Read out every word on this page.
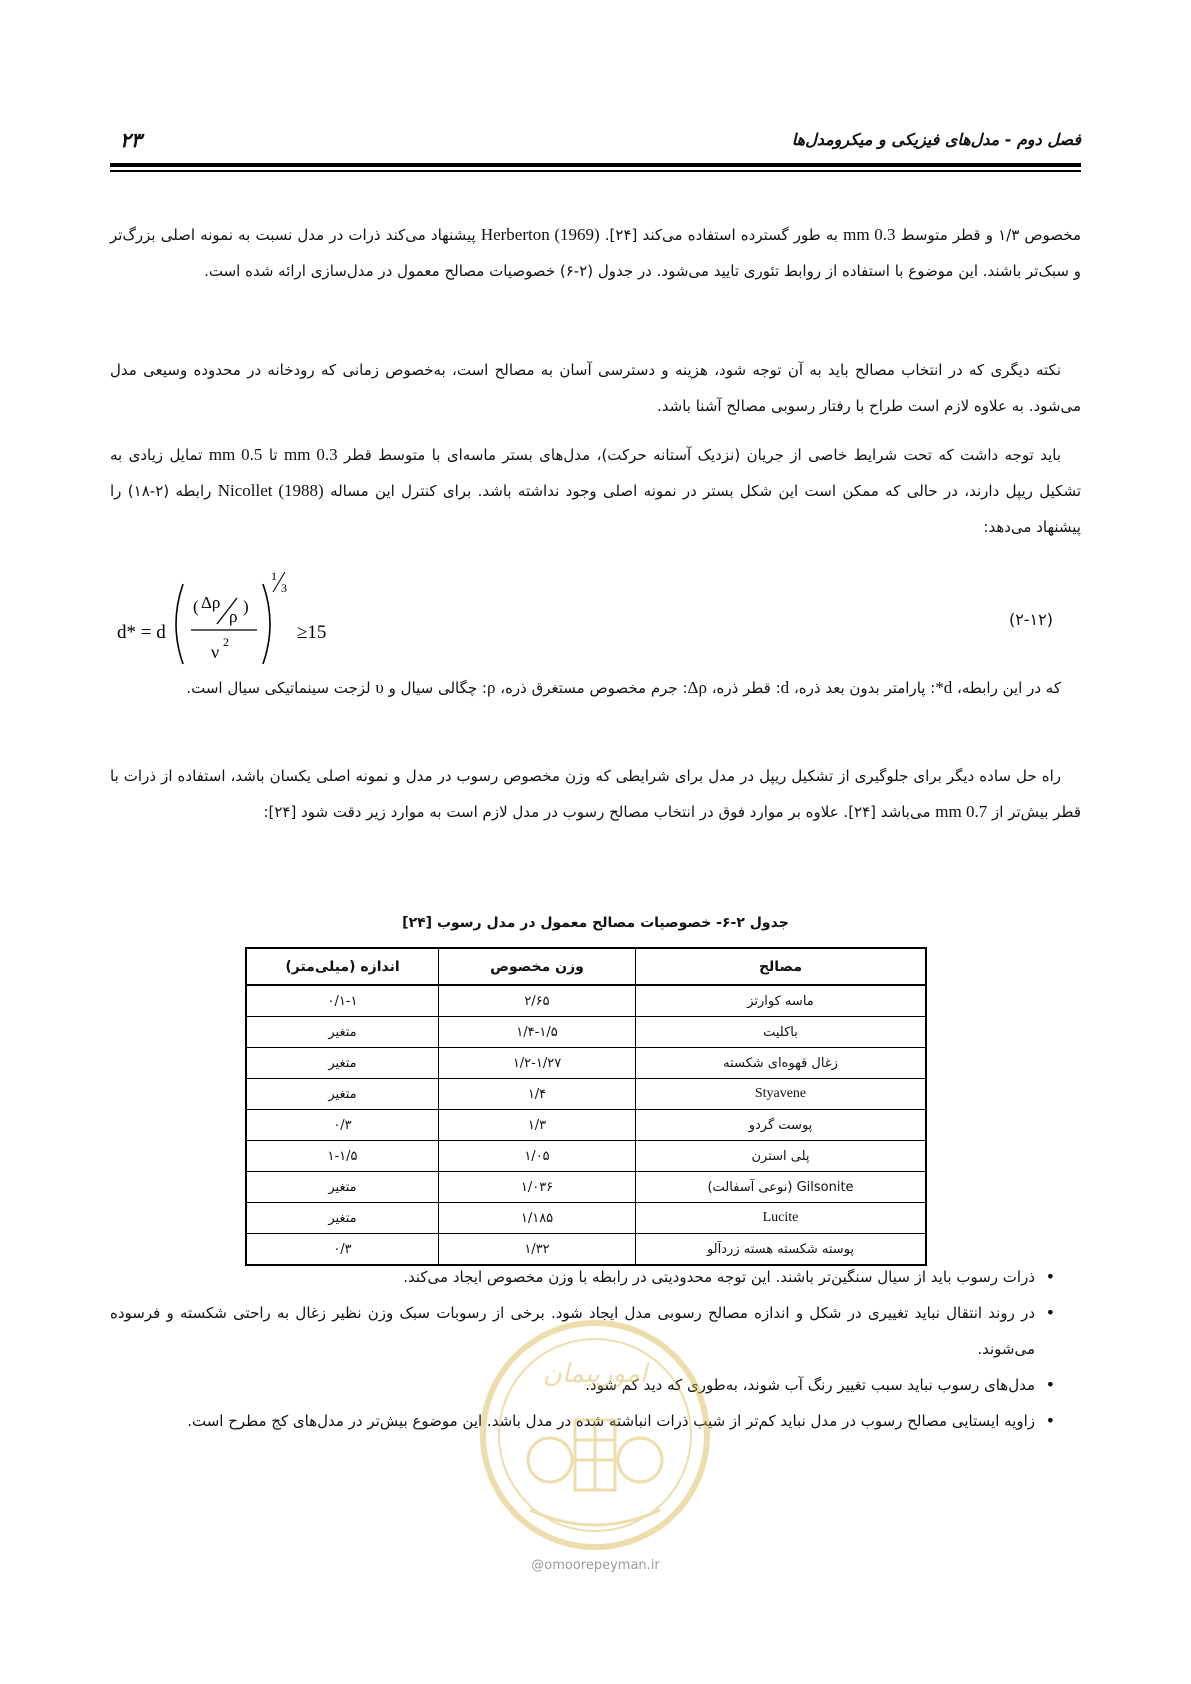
فصل دوم - مدل‌های فیزیکی و میکرومدل‌ها
۲۳

مخصوص ۱/۳ و قطر متوسط 0.3 mm به طور گسترده استفاده می‌کند [۲۴]. Herberton (1969) پیشنهاد می‌کند ذرات در مدل نسبت به نمونه اصلی بزرگ‌تر و سبک‌تر باشند. این موضوع با استفاده از روابط تئوری تایید می‌شود. در جدول (۲-۶) خصوصیات مصالح معمول در مدل‌سازی ارائه شده است.

نکته دیگری که در انتخاب مصالح باید به آن توجه شود، هزینه و دسترسی آسان به مصالح است، به‌خصوص زمانی که رودخانه در محدوده وسیعی مدل می‌شود. به علاوه لازم است طراح با رفتار رسوبی مصالح آشنا باشد.

باید توجه داشت که تحت شرایط خاصی از جریان (نزدیک آستانه حرکت)، مدل‌های بستر ماسه‌ای با متوسط قطر 0.3 mm تا 0.5 mm تمایل زیادی به تشکیل ریپل دارند، در حالی که ممکن است این شکل بستر در نمونه اصلی وجود نداشته باشد. برای کنترل این مساله Nicollet (1988) رابطه (۲-۱۸) را پیشنهاد می‌دهد:

d* = d
( Δρ
ρ
)
ν 2
1
3
≥15
(۲-۱۲)

که در این رابطه، d*: پارامتر بدون بعد ذره، d: قطر ذره، Δρ: جرم مخصوص مستغرق ذره، ρ: چگالی سیال و υ لزجت سینماتیکی سیال است.

راه حل ساده دیگر برای جلوگیری از تشکیل ریپل در مدل برای شرایطی که وزن مخصوص رسوب در مدل و نمونه اصلی یکسان باشد، استفاده از ذرات با قطر بیش‌تر از 0.7 mm می‌باشد [۲۴]. علاوه بر موارد فوق در انتخاب مصالح رسوب در مدل لازم است به موارد زیر دقت شود [۲۴]:

جدول ۲-۶- خصوصیات مصالح معمول در مدل رسوب [۲۴]
مصالح	وزن مخصوص	اندازه (میلی‌متر)
ماسه کوارتز	۲/۶۵	۰/۱-۱
باکلیت	۱/۴-۱/۵	متغیر
زغال قهوه‌ای شکسته	۱/۲-۱/۲۷	متغیر
Styavene	۱/۴	متغیر
پوست گردو	۱/۳	۰/۳
پلی استرن	۱/۰۵	۱-۱/۵
Gilsonite (نوعی آسفالت)	۱/۰۳۶	متغیر
Lucite	۱/۱۸۵	متغیر
پوسته شکسته هسته زردآلو	۱/۳۲	۰/۳
• ذرات رسوب باید از سیال سنگین‌تر باشند. این توجه محدودیتی در رابطه با وزن مخصوص ایجاد می‌کند.
• در روند انتقال نباید تغییری در شکل و اندازه مصالح رسوبی مدل ایجاد شود. برخی از رسوبات سبک وزن نظیر زغال به راحتی شکسته و فرسوده می‌شوند.
• مدل‌های رسوب نباید سبب تغییر رنگ آب شوند، به‌طوری که دید کم شود.
• زاویه ایستایی مصالح رسوب در مدل نباید کم‌تر از شیب ذرات انباشته شده در مدل باشد. این موضوع بیش‌تر در مدل‌های کج مطرح است.
امورپیمان
@omoorepeyman.ir
